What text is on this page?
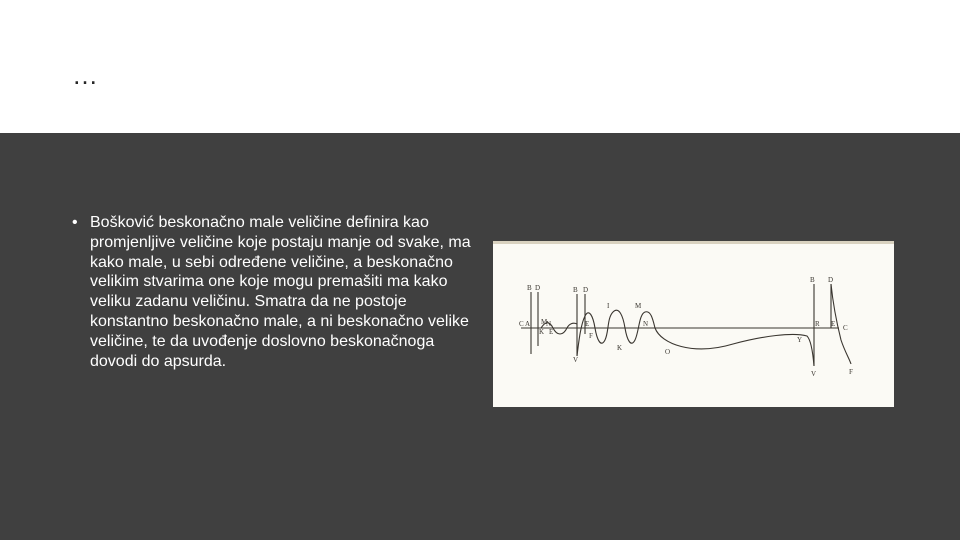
…
• Bošković beskonačno male veličine definira kao promjenljive veličine koje postaju manje od svake, ma kako male, u sebi određene veličine, a beskonačno velikim stvarima one koje mogu premašiti ma kako veliku zadanu veličinu. Smatra da ne postoje konstantno beskonačno male, a ni beskonačno velike veličine, te da uvođenje doslovno beskonačnoga dovodi do apsurda.
B D
C A M
N
K E
B D
I	M
N
F
K
V
E
O
B D
R E C
Y
V	F
